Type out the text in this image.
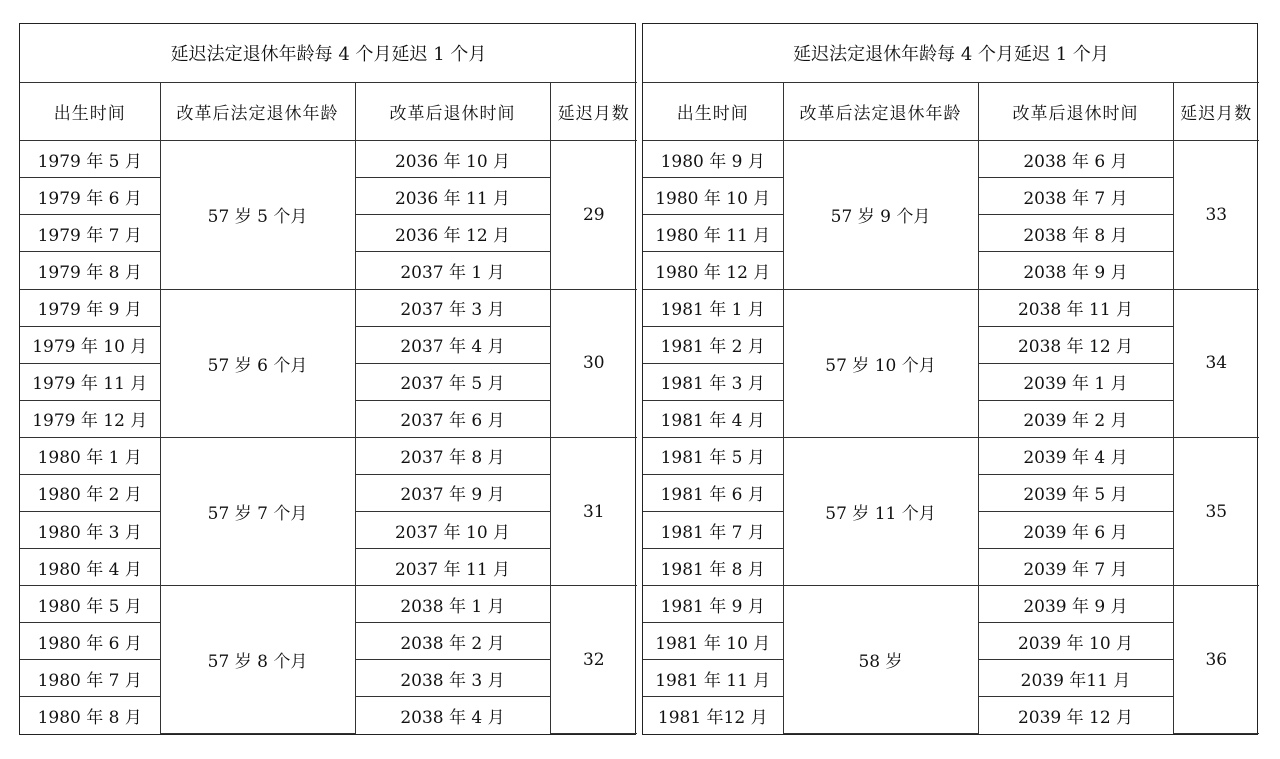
延迟法定退休年龄每 4 个月延迟 1 个月			
出生时间	改革后法定退休年龄	改革后退休时间	延迟月数
1979 年 5 月	57 岁 5 个月	2036 年 10 月	29
1979 年 6 月		2036 年 11 月	
1979 年 7 月		2036 年 12 月	
1979 年 8 月		2037 年 1 月	
1979 年 9 月	57 岁 6 个月	2037 年 3 月	30
1979 年 10 月		2037 年 4 月	
1979 年 11 月		2037 年 5 月	
1979 年 12 月		2037 年 6 月	
1980 年 1 月	57 岁 7 个月	2037 年 8 月	31
1980 年 2 月		2037 年 9 月	
1980 年 3 月		2037 年 10 月	
1980 年 4 月		2037 年 11 月	
1980 年 5 月	57 岁 8 个月	2038 年 1 月	32
1980 年 6 月		2038 年 2 月	
1980 年 7 月		2038 年 3 月	
1980 年 8 月		2038 年 4 月	
延迟法定退休年龄每 4 个月延迟 1 个月			
出生时间	改革后法定退休年龄	改革后退休时间	延迟月数
1980 年 9 月	57 岁 9 个月	2038 年 6 月	33
1980 年 10 月		2038 年 7 月	
1980 年 11 月		2038 年 8 月	
1980 年 12 月		2038 年 9 月	
1981 年 1 月	57 岁 10 个月	2038 年 11 月	34
1981 年 2 月		2038 年 12 月	
1981 年 3 月		2039 年 1 月	
1981 年 4 月		2039 年 2 月	
1981 年 5 月	57 岁 11 个月	2039 年 4 月	35
1981 年 6 月		2039 年 5 月	
1981 年 7 月		2039 年 6 月	
1981 年 8 月		2039 年 7 月	
1981 年 9 月	58 岁	2039 年 9 月	36
1981 年 10 月		2039 年 10 月	
1981 年 11 月		2039 年11 月	
1981 年12 月		2039 年 12 月	
